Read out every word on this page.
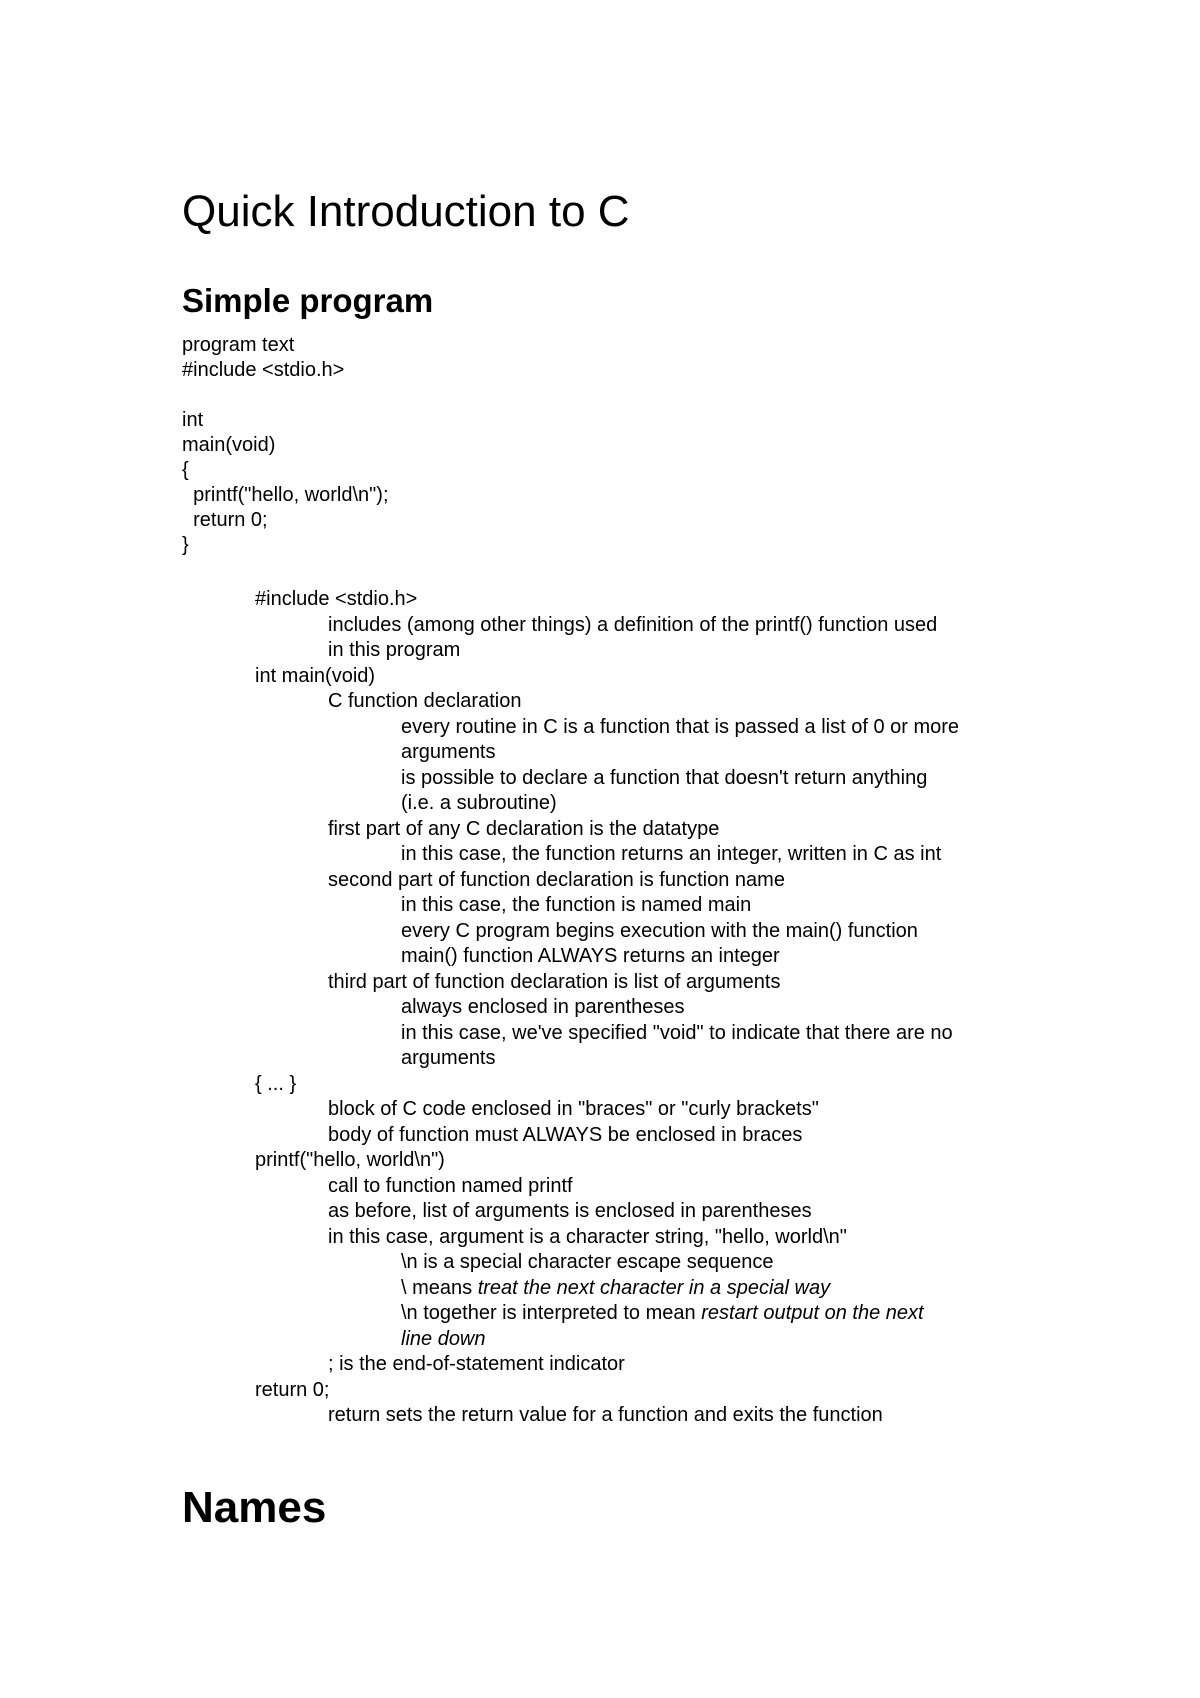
Quick Introduction to C
Simple program
program text
#include <stdio.h>
int
main(void)
{
printf("hello, world\n");
return 0;
}
#include <stdio.h>
includes (among other things) a definition of the printf() function used
in this program
int main(void)
C function declaration
every routine in C is a function that is passed a list of 0 or more
arguments
is possible to declare a function that doesn't return anything
(i.e. a subroutine)
first part of any C declaration is the datatype
in this case, the function returns an integer, written in C as int
second part of function declaration is function name
in this case, the function is named main
every C program begins execution with the main() function
main() function ALWAYS returns an integer
third part of function declaration is list of arguments
always enclosed in parentheses
in this case, we've specified "void" to indicate that there are no
arguments
{ ... }
block of C code enclosed in "braces" or "curly brackets"
body of function must ALWAYS be enclosed in braces
printf("hello, world\n")
call to function named printf
as before, list of arguments is enclosed in parentheses
in this case, argument is a character string, "hello, world\n"
\n is a special character escape sequence
\ means treat the next character in a special way
\n together is interpreted to mean restart output on the next
line down
; is the end-of-statement indicator
return 0;
return sets the return value for a function and exits the function
Names
